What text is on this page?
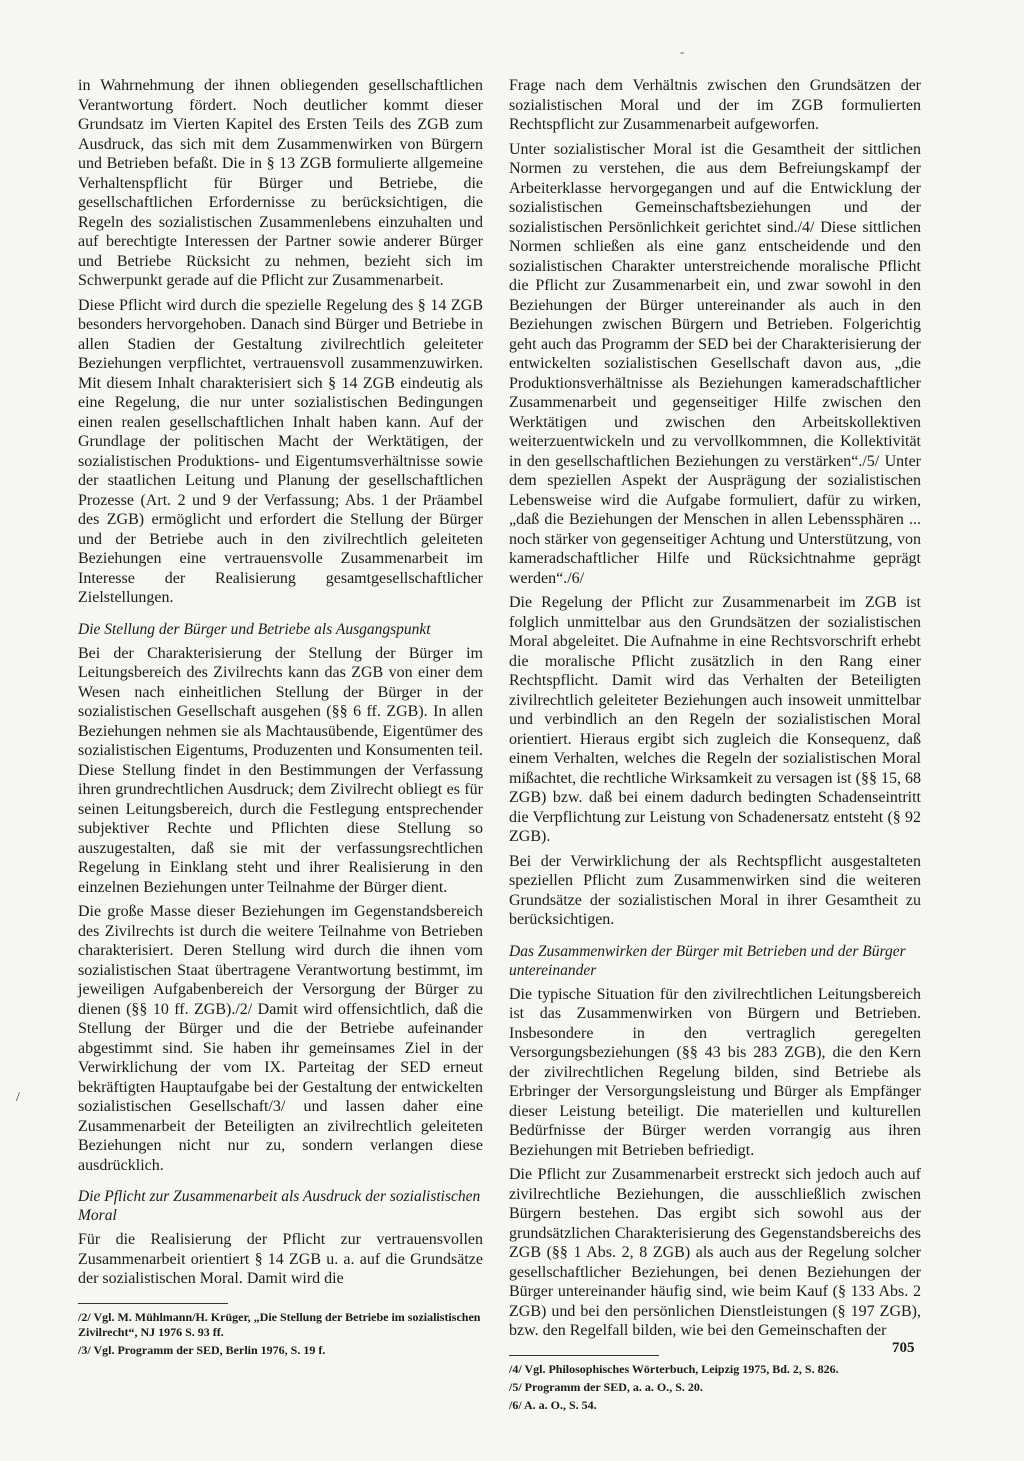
-
/

in Wahrnehmung der ihnen obliegenden gesellschaftlichen Verantwortung fördert. Noch deutlicher kommt dieser Grundsatz im Vierten Kapitel des Ersten Teils des ZGB zum Ausdruck, das sich mit dem Zusammenwirken von Bürgern und Betrieben befaßt. Die in § 13 ZGB formulierte allgemeine Verhaltenspflicht für Bürger und Betriebe, die gesellschaftlichen Erfordernisse zu berücksichtigen, die Regeln des sozialistischen Zusammenlebens einzuhalten und auf berechtigte Interessen der Partner sowie anderer Bürger und Betriebe Rücksicht zu nehmen, bezieht sich im Schwerpunkt gerade auf die Pflicht zur Zusammenarbeit.

Diese Pflicht wird durch die spezielle Regelung des § 14 ZGB besonders hervorgehoben. Danach sind Bürger und Betriebe in allen Stadien der Gestaltung zivilrechtlich geleiteter Beziehungen verpflichtet, vertrauensvoll zusammenzuwirken. Mit diesem Inhalt charakterisiert sich § 14 ZGB eindeutig als eine Regelung, die nur unter sozialistischen Bedingungen einen realen gesellschaftlichen Inhalt haben kann. Auf der Grundlage der politischen Macht der Werktätigen, der sozialistischen Produktions- und Eigentumsverhältnisse sowie der staatlichen Leitung und Planung der gesellschaftlichen Prozesse (Art. 2 und 9 der Verfassung; Abs. 1 der Präambel des ZGB) ermöglicht und erfordert die Stellung der Bürger und der Betriebe auch in den zivilrechtlich geleiteten Beziehungen eine vertrauensvolle Zusammenarbeit im Interesse der Realisierung gesamtgesellschaftlicher Zielstellungen.

Die Stellung der Bürger und Betriebe als Ausgangspunkt

Bei der Charakterisierung der Stellung der Bürger im Leitungsbereich des Zivilrechts kann das ZGB von einer dem Wesen nach einheitlichen Stellung der Bürger in der sozialistischen Gesellschaft ausgehen (§§ 6 ff. ZGB). In allen Beziehungen nehmen sie als Machtausübende, Eigentümer des sozialistischen Eigentums, Produzenten und Konsumenten teil. Diese Stellung findet in den Bestimmungen der Verfassung ihren grundrechtlichen Ausdruck; dem Zivilrecht obliegt es für seinen Leitungsbereich, durch die Festlegung entsprechender subjektiver Rechte und Pflichten diese Stellung so auszugestalten, daß sie mit der verfassungsrechtlichen Regelung in Einklang steht und ihrer Realisierung in den einzelnen Beziehungen unter Teilnahme der Bürger dient.

Die große Masse dieser Beziehungen im Gegenstandsbereich des Zivilrechts ist durch die weitere Teilnahme von Betrieben charakterisiert. Deren Stellung wird durch die ihnen vom sozialistischen Staat übertragene Verantwortung bestimmt, im jeweiligen Aufgabenbereich der Versorgung der Bürger zu dienen (§§ 10 ff. ZGB)./2/ Damit wird offensichtlich, daß die Stellung der Bürger und die der Betriebe aufeinander abgestimmt sind. Sie haben ihr gemeinsames Ziel in der Verwirklichung der vom IX. Parteitag der SED erneut bekräftigten Hauptaufgabe bei der Gestaltung der entwickelten sozialistischen Gesellschaft/3/ und lassen daher eine Zusammenarbeit der Beteiligten an zivilrechtlich geleiteten Beziehungen nicht nur zu, sondern verlangen diese ausdrücklich.

Die Pflicht zur Zusammenarbeit als Ausdruck der sozialistischen Moral

Für die Realisierung der Pflicht zur vertrauensvollen Zusammenarbeit orientiert § 14 ZGB u. a. auf die Grundsätze der sozialistischen Moral. Damit wird die

/2/ Vgl. M. Mühlmann/H. Krüger, „Die Stellung der Betriebe im sozialistischen Zivilrecht“, NJ 1976 S. 93 ff.

/3/ Vgl. Programm der SED, Berlin 1976, S. 19 f.

Frage nach dem Verhältnis zwischen den Grundsätzen der sozialistischen Moral und der im ZGB formulierten Rechtspflicht zur Zusammenarbeit aufgeworfen.

Unter sozialistischer Moral ist die Gesamtheit der sittlichen Normen zu verstehen, die aus dem Befreiungskampf der Arbeiterklasse hervorgegangen und auf die Entwicklung der sozialistischen Gemeinschaftsbeziehungen und der sozialistischen Persönlichkeit gerichtet sind./4/ Diese sittlichen Normen schließen als eine ganz entscheidende und den sozialistischen Charakter unterstreichende moralische Pflicht die Pflicht zur Zusammenarbeit ein, und zwar sowohl in den Beziehungen der Bürger untereinander als auch in den Beziehungen zwischen Bürgern und Betrieben. Folgerichtig geht auch das Programm der SED bei der Charakterisierung der entwickelten sozialistischen Gesellschaft davon aus, „die Produktionsverhältnisse als Beziehungen kameradschaftlicher Zusammenarbeit und gegenseitiger Hilfe zwischen den Werktätigen und zwischen den Arbeitskollektiven weiterzuentwickeln und zu vervollkommnen, die Kollektivität in den gesellschaftlichen Beziehungen zu verstärken“./5/ Unter dem speziellen Aspekt der Ausprägung der sozialistischen Lebensweise wird die Aufgabe formuliert, dafür zu wirken, „daß die Beziehungen der Menschen in allen Lebenssphären ... noch stärker von gegenseitiger Achtung und Unterstützung, von kameradschaftlicher Hilfe und Rücksichtnahme geprägt werden“./6/

Die Regelung der Pflicht zur Zusammenarbeit im ZGB ist folglich unmittelbar aus den Grundsätzen der sozialistischen Moral abgeleitet. Die Aufnahme in eine Rechtsvorschrift erhebt die moralische Pflicht zusätzlich in den Rang einer Rechtspflicht. Damit wird das Verhalten der Beteiligten zivilrechtlich geleiteter Beziehungen auch insoweit unmittelbar und verbindlich an den Regeln der sozialistischen Moral orientiert. Hieraus ergibt sich zugleich die Konsequenz, daß einem Verhalten, welches die Regeln der sozialistischen Moral mißachtet, die rechtliche Wirksamkeit zu versagen ist (§§ 15, 68 ZGB) bzw. daß bei einem dadurch bedingten Schadenseintritt die Verpflichtung zur Leistung von Schadenersatz entsteht (§ 92 ZGB).

Bei der Verwirklichung der als Rechtspflicht ausgestalteten speziellen Pflicht zum Zusammenwirken sind die weiteren Grundsätze der sozialistischen Moral in ihrer Gesamtheit zu berücksichtigen.

Das Zusammenwirken der Bürger mit Betrieben und der Bürger untereinander

Die typische Situation für den zivilrechtlichen Leitungsbereich ist das Zusammenwirken von Bürgern und Betrieben. Insbesondere in den vertraglich geregelten Versorgungsbeziehungen (§§ 43 bis 283 ZGB), die den Kern der zivilrechtlichen Regelung bilden, sind Betriebe als Erbringer der Versorgungsleistung und Bürger als Empfänger dieser Leistung beteiligt. Die materiellen und kulturellen Bedürfnisse der Bürger werden vorrangig aus ihren Beziehungen mit Betrieben befriedigt.

Die Pflicht zur Zusammenarbeit erstreckt sich jedoch auch auf zivilrechtliche Beziehungen, die ausschließlich zwischen Bürgern bestehen. Das ergibt sich sowohl aus der grundsätzlichen Charakterisierung des Gegenstandsbereichs des ZGB (§§ 1 Abs. 2, 8 ZGB) als auch aus der Regelung solcher gesellschaftlicher Beziehungen, bei denen Beziehungen der Bürger untereinander häufig sind, wie beim Kauf (§ 133 Abs. 2 ZGB) und bei den persönlichen Dienstleistungen (§ 197 ZGB), bzw. den Regelfall bilden, wie bei den Gemeinschaften der

/4/ Vgl. Philosophisches Wörterbuch, Leipzig 1975, Bd. 2, S. 826.

/5/ Programm der SED, a. a. O., S. 20.

/6/ A. a. O., S. 54.

705
